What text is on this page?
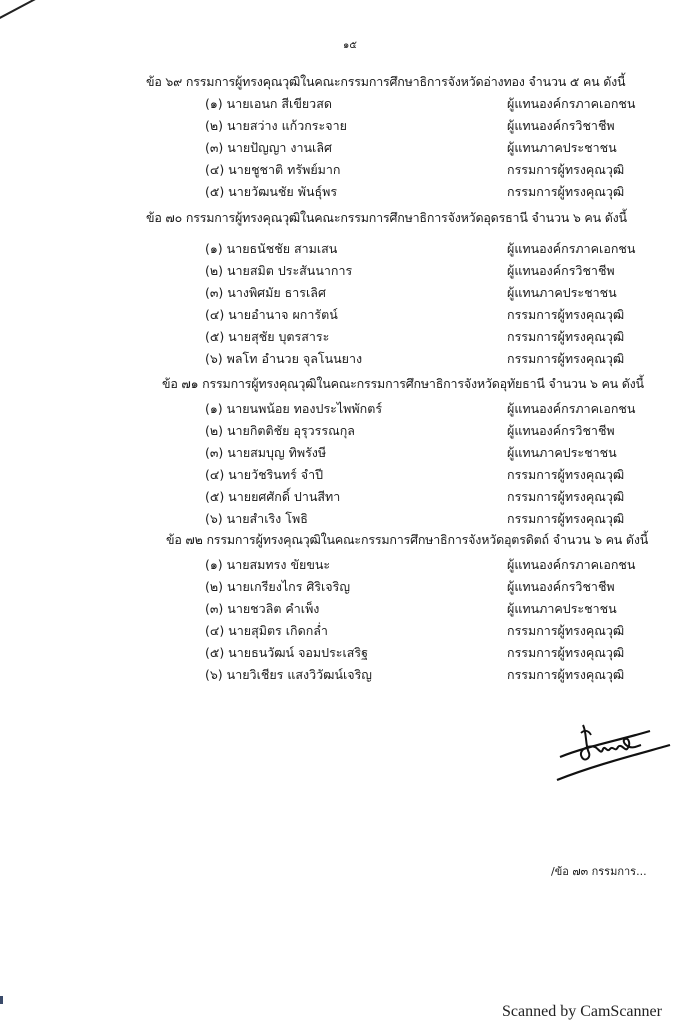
๑๕
ข้อ ๖๙ กรรมการผู้ทรงคุณวุฒิในคณะกรรมการศึกษาธิการจังหวัดอ่างทอง จำนวน ๕ คน ดังนี้
(๑) นายเอนก สีเขียวสด	ผู้แทนองค์กรภาคเอกชน
(๒) นายสว่าง แก้วกระจาย	ผู้แทนองค์กรวิชาชีพ
(๓) นายปัญญา งานเลิศ	ผู้แทนภาคประชาชน
(๔) นายชูชาติ ทรัพย์มาก	กรรมการผู้ทรงคุณวุฒิ
(๕) นายวัฒนชัย พันธุ์พร	กรรมการผู้ทรงคุณวุฒิ
ข้อ ๗๐ กรรมการผู้ทรงคุณวุฒิในคณะกรรมการศึกษาธิการจังหวัดอุดรธานี จำนวน ๖ คน ดังนี้
(๑) นายธนัชชัย สามเสน	ผู้แทนองค์กรภาคเอกชน
(๒) นายสมิต ประสันนาการ	ผู้แทนองค์กรวิชาชีพ
(๓) นางพิศมัย ธารเลิศ	ผู้แทนภาคประชาชน
(๔) นายอำนาจ ผการัตน์	กรรมการผู้ทรงคุณวุฒิ
(๕) นายสุชัย บุตรสาระ	กรรมการผู้ทรงคุณวุฒิ
(๖) พลโท อำนวย จุลโนนยาง	กรรมการผู้ทรงคุณวุฒิ
ข้อ ๗๑ กรรมการผู้ทรงคุณวุฒิในคณะกรรมการศึกษาธิการจังหวัดอุทัยธานี จำนวน ๖ คน ดังนี้
(๑) นายนพน้อย ทองประไพพักตร์	ผู้แทนองค์กรภาคเอกชน
(๒) นายกิตติชัย อุรุวรรณกุล	ผู้แทนองค์กรวิชาชีพ
(๓) นายสมบุญ ทิพรังษี	ผู้แทนภาคประชาชน
(๔) นายวัชรินทร์ จำปี	กรรมการผู้ทรงคุณวุฒิ
(๕) นายยศศักดิ์ ปานสีทา	กรรมการผู้ทรงคุณวุฒิ
(๖) นายสำเริง โพธิ	กรรมการผู้ทรงคุณวุฒิ
ข้อ ๗๒ กรรมการผู้ทรงคุณวุฒิในคณะกรรมการศึกษาธิการจังหวัดอุตรดิตถ์ จำนวน ๖ คน ดังนี้
(๑) นายสมทรง ขัยขนะ	ผู้แทนองค์กรภาคเอกชน
(๒) นายเกรียงไกร ศิริเจริญ	ผู้แทนองค์กรวิชาชีพ
(๓) นายชวลิต คำเพ็ง	ผู้แทนภาคประชาชน
(๔) นายสุมิตร เกิดกล่ำ	กรรมการผู้ทรงคุณวุฒิ
(๕) นายธนวัฒน์ จอมประเสริฐ	กรรมการผู้ทรงคุณวุฒิ
(๖) นายวิเชียร แสงวิวัฒน์เจริญ	กรรมการผู้ทรงคุณวุฒิ
/ข้อ ๗๓ กรรมการ...
Scanned by CamScanner
